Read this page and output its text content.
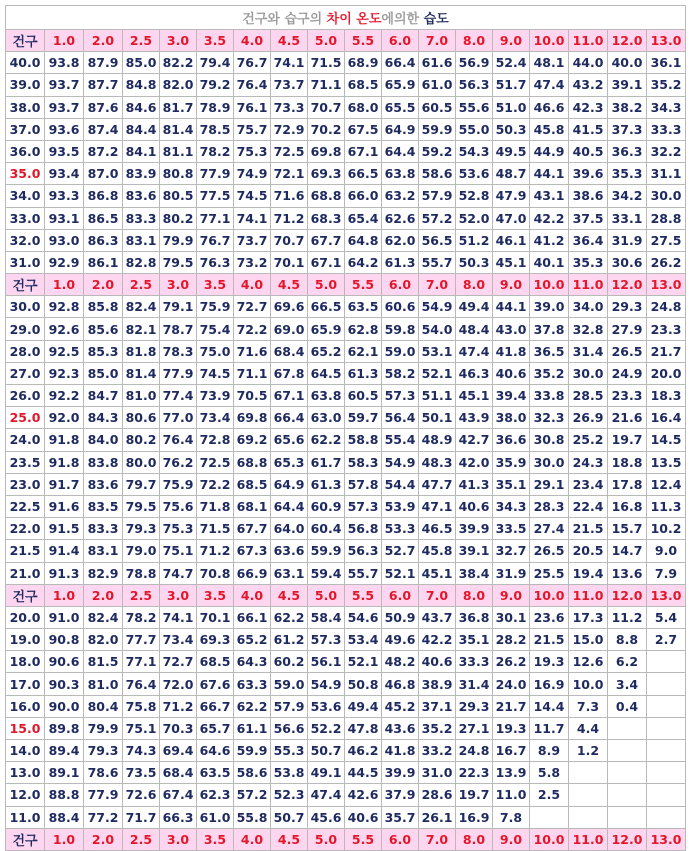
건구와 습구의 차이 온도에의한 습도																	
건구	1.0	2.0	2.5	3.0	3.5	4.0	4.5	5.0	5.5	6.0	7.0	8.0	9.0	10.0	11.0	12.0	13.0
40.0	93.8	87.9	85.0	82.2	79.4	76.7	74.1	71.5	68.9	66.4	61.6	56.9	52.4	48.1	44.0	40.0	36.1
39.0	93.7	87.7	84.8	82.0	79.2	76.4	73.7	71.1	68.5	65.9	61.0	56.3	51.7	47.4	43.2	39.1	35.2
38.0	93.7	87.6	84.6	81.7	78.9	76.1	73.3	70.7	68.0	65.5	60.5	55.6	51.0	46.6	42.3	38.2	34.3
37.0	93.6	87.4	84.4	81.4	78.5	75.7	72.9	70.2	67.5	64.9	59.9	55.0	50.3	45.8	41.5	37.3	33.3
36.0	93.5	87.2	84.1	81.1	78.2	75.3	72.5	69.8	67.1	64.4	59.2	54.3	49.5	44.9	40.5	36.3	32.2
35.0	93.4	87.0	83.9	80.8	77.9	74.9	72.1	69.3	66.5	63.8	58.6	53.6	48.7	44.1	39.6	35.3	31.1
34.0	93.3	86.8	83.6	80.5	77.5	74.5	71.6	68.8	66.0	63.2	57.9	52.8	47.9	43.1	38.6	34.2	30.0
33.0	93.1	86.5	83.3	80.2	77.1	74.1	71.2	68.3	65.4	62.6	57.2	52.0	47.0	42.2	37.5	33.1	28.8
32.0	93.0	86.3	83.1	79.9	76.7	73.7	70.7	67.7	64.8	62.0	56.5	51.2	46.1	41.2	36.4	31.9	27.5
31.0	92.9	86.1	82.8	79.5	76.3	73.2	70.1	67.1	64.2	61.3	55.7	50.3	45.1	40.1	35.3	30.6	26.2
건구	1.0	2.0	2.5	3.0	3.5	4.0	4.5	5.0	5.5	6.0	7.0	8.0	9.0	10.0	11.0	12.0	13.0
30.0	92.8	85.8	82.4	79.1	75.9	72.7	69.6	66.5	63.5	60.6	54.9	49.4	44.1	39.0	34.0	29.3	24.8
29.0	92.6	85.6	82.1	78.7	75.4	72.2	69.0	65.9	62.8	59.8	54.0	48.4	43.0	37.8	32.8	27.9	23.3
28.0	92.5	85.3	81.8	78.3	75.0	71.6	68.4	65.2	62.1	59.0	53.1	47.4	41.8	36.5	31.4	26.5	21.7
27.0	92.3	85.0	81.4	77.9	74.5	71.1	67.8	64.5	61.3	58.2	52.1	46.3	40.6	35.2	30.0	24.9	20.0
26.0	92.2	84.7	81.0	77.4	73.9	70.5	67.1	63.8	60.5	57.3	51.1	45.1	39.4	33.8	28.5	23.3	18.3
25.0	92.0	84.3	80.6	77.0	73.4	69.8	66.4	63.0	59.7	56.4	50.1	43.9	38.0	32.3	26.9	21.6	16.4
24.0	91.8	84.0	80.2	76.4	72.8	69.2	65.6	62.2	58.8	55.4	48.9	42.7	36.6	30.8	25.2	19.7	14.5
23.5	91.8	83.8	80.0	76.2	72.5	68.8	65.3	61.7	58.3	54.9	48.3	42.0	35.9	30.0	24.3	18.8	13.5
23.0	91.7	83.6	79.7	75.9	72.2	68.5	64.9	61.3	57.8	54.4	47.7	41.3	35.1	29.1	23.4	17.8	12.4
22.5	91.6	83.5	79.5	75.6	71.8	68.1	64.4	60.9	57.3	53.9	47.1	40.6	34.3	28.3	22.4	16.8	11.3
22.0	91.5	83.3	79.3	75.3	71.5	67.7	64.0	60.4	56.8	53.3	46.5	39.9	33.5	27.4	21.5	15.7	10.2
21.5	91.4	83.1	79.0	75.1	71.2	67.3	63.6	59.9	56.3	52.7	45.8	39.1	32.7	26.5	20.5	14.7	9.0
21.0	91.3	82.9	78.8	74.7	70.8	66.9	63.1	59.4	55.7	52.1	45.1	38.4	31.9	25.5	19.4	13.6	7.9
건구	1.0	2.0	2.5	3.0	3.5	4.0	4.5	5.0	5.5	6.0	7.0	8.0	9.0	10.0	11.0	12.0	13.0
20.0	91.0	82.4	78.2	74.1	70.1	66.1	62.2	58.4	54.6	50.9	43.7	36.8	30.1	23.6	17.3	11.2	5.4
19.0	90.8	82.0	77.7	73.4	69.3	65.2	61.2	57.3	53.4	49.6	42.2	35.1	28.2	21.5	15.0	8.8	2.7
18.0	90.6	81.5	77.1	72.7	68.5	64.3	60.2	56.1	52.1	48.2	40.6	33.3	26.2	19.3	12.6	6.2	
17.0	90.3	81.0	76.4	72.0	67.6	63.3	59.0	54.9	50.8	46.8	38.9	31.4	24.0	16.9	10.0	3.4	
16.0	90.0	80.4	75.8	71.2	66.7	62.2	57.9	53.6	49.4	45.2	37.1	29.3	21.7	14.4	7.3	0.4	
15.0	89.8	79.9	75.1	70.3	65.7	61.1	56.6	52.2	47.8	43.6	35.2	27.1	19.3	11.7	4.4		
14.0	89.4	79.3	74.3	69.4	64.6	59.9	55.3	50.7	46.2	41.8	33.2	24.8	16.7	8.9	1.2		
13.0	89.1	78.6	73.5	68.4	63.5	58.6	53.8	49.1	44.5	39.9	31.0	22.3	13.9	5.8			
12.0	88.8	77.9	72.6	67.4	62.3	57.2	52.3	47.4	42.6	37.9	28.6	19.7	11.0	2.5			
11.0	88.4	77.2	71.7	66.3	61.0	55.8	50.7	45.6	40.6	35.7	26.1	16.9	7.8				
건구	1.0	2.0	2.5	3.0	3.5	4.0	4.5	5.0	5.5	6.0	7.0	8.0	9.0	10.0	11.0	12.0	13.0
